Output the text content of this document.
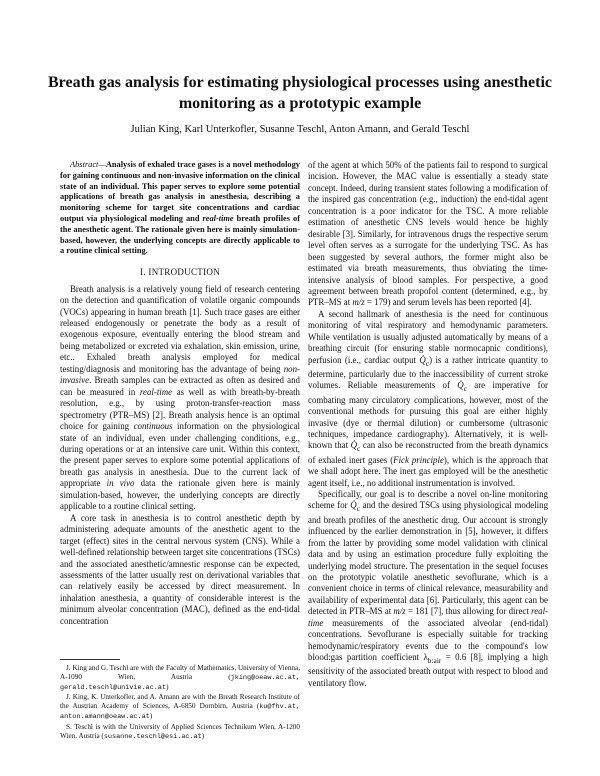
Breath gas analysis for estimating physiological processes using anesthetic monitoring as a prototypic example
Julian King, Karl Unterkofler, Susanne Teschl, Anton Amann, and Gerald Teschl

Abstract—Analysis of exhaled trace gases is a novel methodology for gaining continuous and non-invasive information on the clinical state of an individual. This paper serves to explore some potential applications of breath gas analysis in anesthesia, describing a monitoring scheme for target site concentrations and cardiac output via physiological modeling and real-time breath profiles of the anesthetic agent. The rationale given here is mainly simulation-based, however, the underlying concepts are directly applicable to a routine clinical setting.

I. INTRODUCTION

Breath analysis is a relatively young field of research centering on the detection and quantification of volatile organic compounds (VOCs) appearing in human breath [1]. Such trace gases are either released endogenously or penetrate the body as a result of exogenous exposure, eventually entering the blood stream and being metabolized or excreted via exhalation, skin emission, urine, etc.. Exhaled breath analysis employed for medical testing/diagnosis and monitoring has the advantage of being non-invasive. Breath samples can be extracted as often as desired and can be measured in real-time as well as with breath-by-breath resolution, e.g., by using proton-transfer-reaction mass spectrometry (PTR–MS) [2]. Breath analysis hence is an optimal choice for gaining continuous information on the physiological state of an individual, even under challenging conditions, e.g., during operations or at an intensive care unit. Within this context, the present paper serves to explore some potential applications of breath gas analysis in anesthesia. Due to the current lack of appropriate in vivo data the rationale given here is mainly simulation-based, however, the underlying concepts are directly applicable to a routine clinical setting.

A core task in anesthesia is to control anesthetic depth by administering adequate amounts of the anesthetic agent to the target (effect) sites in the central nervous system (CNS). While a well-defined relationship between target site concentrations (TSCs) and the associated anesthetic/amnestic response can be expected, assessments of the latter usually rest on derivational variables that can relatively easily be accessed by direct measurement. In inhalation anesthesia, a quantity of considerable interest is the minimum alveolar concentration (MAC), defined as the end-tidal concentration

of the agent at which 50% of the patients fail to respond to surgical incision. However, the MAC value is essentially a steady state concept. Indeed, during transient states following a modification of the inspired gas concentration (e.g., induction) the end-tidal agent concentration is a poor indicator for the TSC. A more reliable estimation of anesthetic CNS levels would hence be highly desirable [3]. Similarly, for intravenous drugs the respective serum level often serves as a surrogate for the underlying TSC. As has been suggested by several authors, the former might also be estimated via breath measurements, thus obviating the time-intensive analysis of blood samples. For perspective, a good agreement between breath propofol content (determined, e.g., by PTR–MS at m/z = 179) and serum levels has been reported [4].

A second hallmark of anesthesia is the need for continuous monitoring of vital respiratory and hemodynamic parameters. While ventilation is usually adjusted automatically by means of a breathing circuit (for ensuring stable normocapnic conditions), perfusion (i.e., cardiac output $Q̇_c$) is a rather intricate quantity to determine, particularly due to the inaccessibility of current stroke volumes. Reliable measurements of $Q̇_c$ are imperative for combating many circulatory complications, however, most of the conventional methods for pursuing this goal are either highly invasive (dye or thermal dilution) or cumbersome (ultrasonic techniques, impedance cardiography). Alternatively, it is well-known that $Q̇_c$ can also be reconstructed from the breath dynamics of exhaled inert gases (Fick principle), which is the approach that we shall adopt here. The inert gas employed will be the anesthetic agent itself, i.e., no additional instrumentation is involved.

Specifically, our goal is to describe a novel on-line monitoring scheme for $Q̇_c$ and the desired TSCs using physiological modeling and breath profiles of the anesthetic drug. Our account is strongly influenced by the earlier demonstration in [5], however, it differs from the latter by providing some model validation with clinical data and by using an estimation procedure fully exploiting the underlying model structure. The presentation in the sequel focuses on the prototypic volatile anesthetic sevoflurane, which is a convenient choice in terms of clinical relevance, measurability and availability of experimental data [6]. Particularly, this agent can be detected in PTR–MS at m/z = 181 [7], thus allowing for direct real-time measurements of the associated alveolar (end-tidal) concentrations. Sevoflurane is especially suitable for tracking hemodynamic/respiratory events due to the compound's low blood:gas partition coefficient $\lambda_{b:air} = 0.6$ [8], implying a high sensitivity of the associated breath output with respect to blood and ventilatory flow.

J. King and G. Teschl are with the Faculty of Mathematics, University of Vienna, A-1090 Wien, Austria (jking@oeaw.ac.at, gerald.teschl@univie.ac.at)

J. King, K. Unterkofler, and A. Amann are with the Breath Research Institute of the Austrian Academy of Sciences, A-6850 Dornbirn, Austria (ku@fhv.at, anton.amann@oeaw.ac.at)

S. Teschl is with the University of Applied Sciences Technikum Wien, A-1200 Wien, Austria (susanne.teschl@esi.ac.at)
